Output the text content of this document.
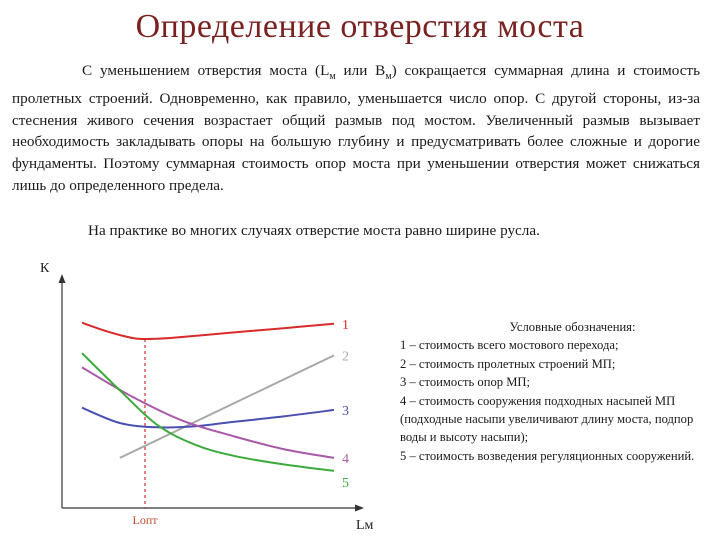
Определение отверстия моста
С уменьшением отверстия моста ($L_м$ или $B_м$) сокращается суммарная длина и стоимость пролетных строений. Одновременно, как правило, уменьшается число опор. С другой стороны, из-за стеснения живого сечения возрастает общий размыв под мостом. Увеличенный размыв вызывает необходимость закладывать опоры на большую глубину и предусматривать более сложные и дорогие фундаменты. Поэтому суммарная стоимость опор моста при уменьшении отверстия может снижаться лишь до определенного предела.
На практике во многих случаях отверстие моста равно ширине русла.
К
Lм
Lопт
1
2
3
4
5
Условные обозначения:
1 – стоимость всего мостового перехода;
2 – стоимость пролетных строений МП;
3 – стоимость опор МП;
4 – стоимость сооружения подходных насыпей МП (подходные насыпи увеличивают длину моста, подпор воды и высоту насыпи);
5 – стоимость возведения регуляционных сооружений.
